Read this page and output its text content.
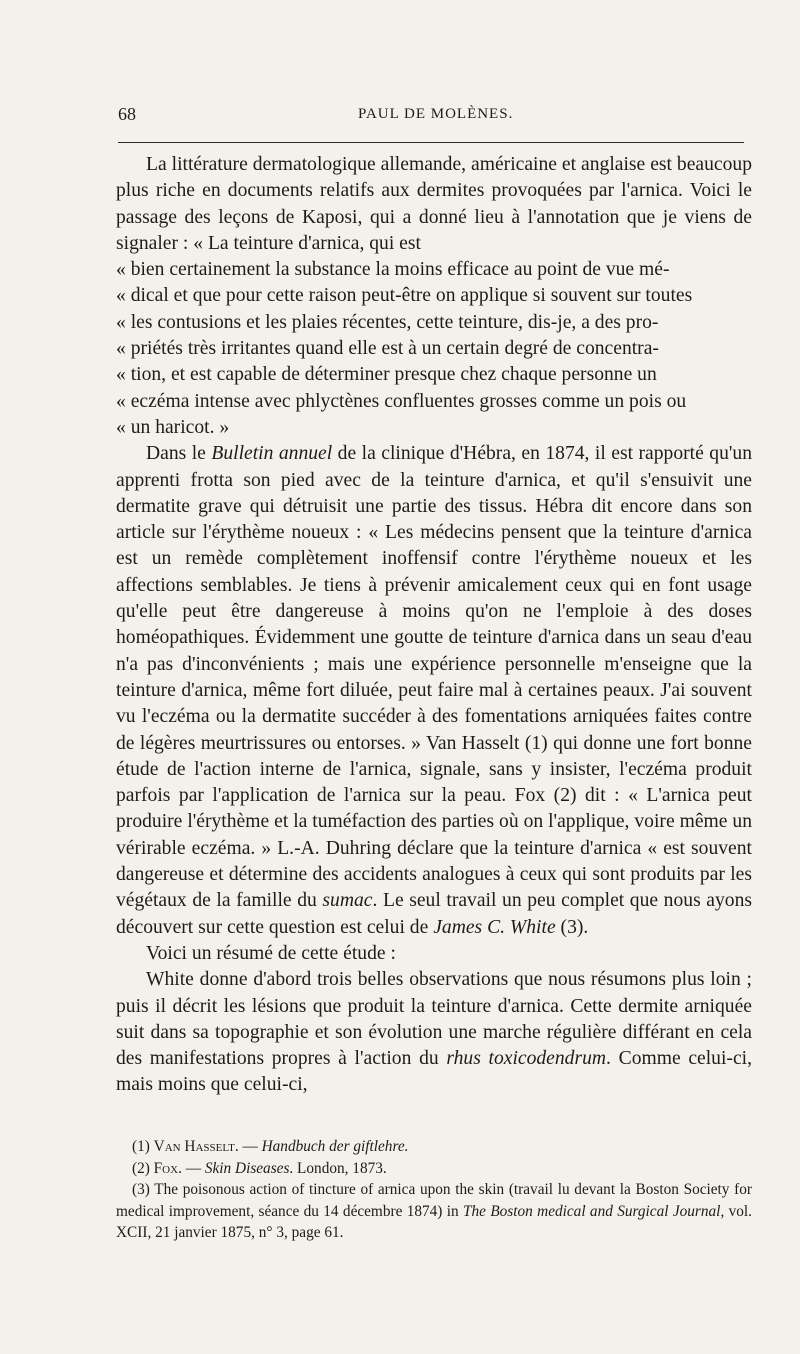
68	PAUL DE MOLÈNES.

La littérature dermatologique allemande, américaine et anglaise est beaucoup plus riche en documents relatifs aux dermites provoquées par l'arnica. Voici le passage des leçons de Kaposi, qui a donné lieu à l'annotation que je viens de signaler : « La teinture d'arnica, qui est

« bien certainement la substance la moins efficace au point de vue mé-

« dical et que pour cette raison peut-être on applique si souvent sur toutes

« les contusions et les plaies récentes, cette teinture, dis-je, a des pro-

« priétés très irritantes quand elle est à un certain degré de concentra-

« tion, et est capable de déterminer presque chez chaque personne un

« eczéma intense avec phlyctènes confluentes grosses comme un pois ou

« un haricot. »

Dans le Bulletin annuel de la clinique d'Hébra, en 1874, il est rapporté qu'un apprenti frotta son pied avec de la teinture d'arnica, et qu'il s'ensuivit une dermatite grave qui détruisit une partie des tissus. Hébra dit encore dans son article sur l'érythème noueux : « Les médecins pensent que la teinture d'arnica est un remède complètement inoffensif contre l'érythème noueux et les affections semblables. Je tiens à prévenir amicalement ceux qui en font usage qu'elle peut être dangereuse à moins qu'on ne l'emploie à des doses homéopathiques. Évidemment une goutte de teinture d'arnica dans un seau d'eau n'a pas d'inconvénients ; mais une expérience personnelle m'enseigne que la teinture d'arnica, même fort diluée, peut faire mal à certaines peaux. J'ai souvent vu l'eczéma ou la dermatite succéder à des fomentations arniquées faites contre de légères meurtrissures ou entorses. » Van Hasselt (1) qui donne une fort bonne étude de l'action interne de l'arnica, signale, sans y insister, l'eczéma produit parfois par l'application de l'arnica sur la peau. Fox (2) dit : « L'arnica peut produire l'érythème et la tuméfaction des parties où on l'applique, voire même un vérirable eczéma. » L.-A. Duhring déclare que la teinture d'arnica « est souvent dangereuse et détermine des accidents analogues à ceux qui sont produits par les végétaux de la famille du sumac. Le seul travail un peu complet que nous ayons découvert sur cette question est celui de James C. White (3).

Voici un résumé de cette étude :

White donne d'abord trois belles observations que nous résumons plus loin ; puis il décrit les lésions que produit la teinture d'arnica. Cette dermite arniquée suit dans sa topographie et son évolution une marche régulière différant en cela des manifestations propres à l'action du rhus toxicodendrum. Comme celui-ci, mais moins que celui-ci,

(1) Van Hasselt. — Handbuch der giftlehre.

(2) Fox. — Skin Diseases. London, 1873.

(3) The poisonous action of tincture of arnica upon the skin (travail lu devant la Boston Society for medical improvement, séance du 14 décembre 1874) in The Boston medical and Surgical Journal, vol. XCII, 21 janvier 1875, n° 3, page 61.
